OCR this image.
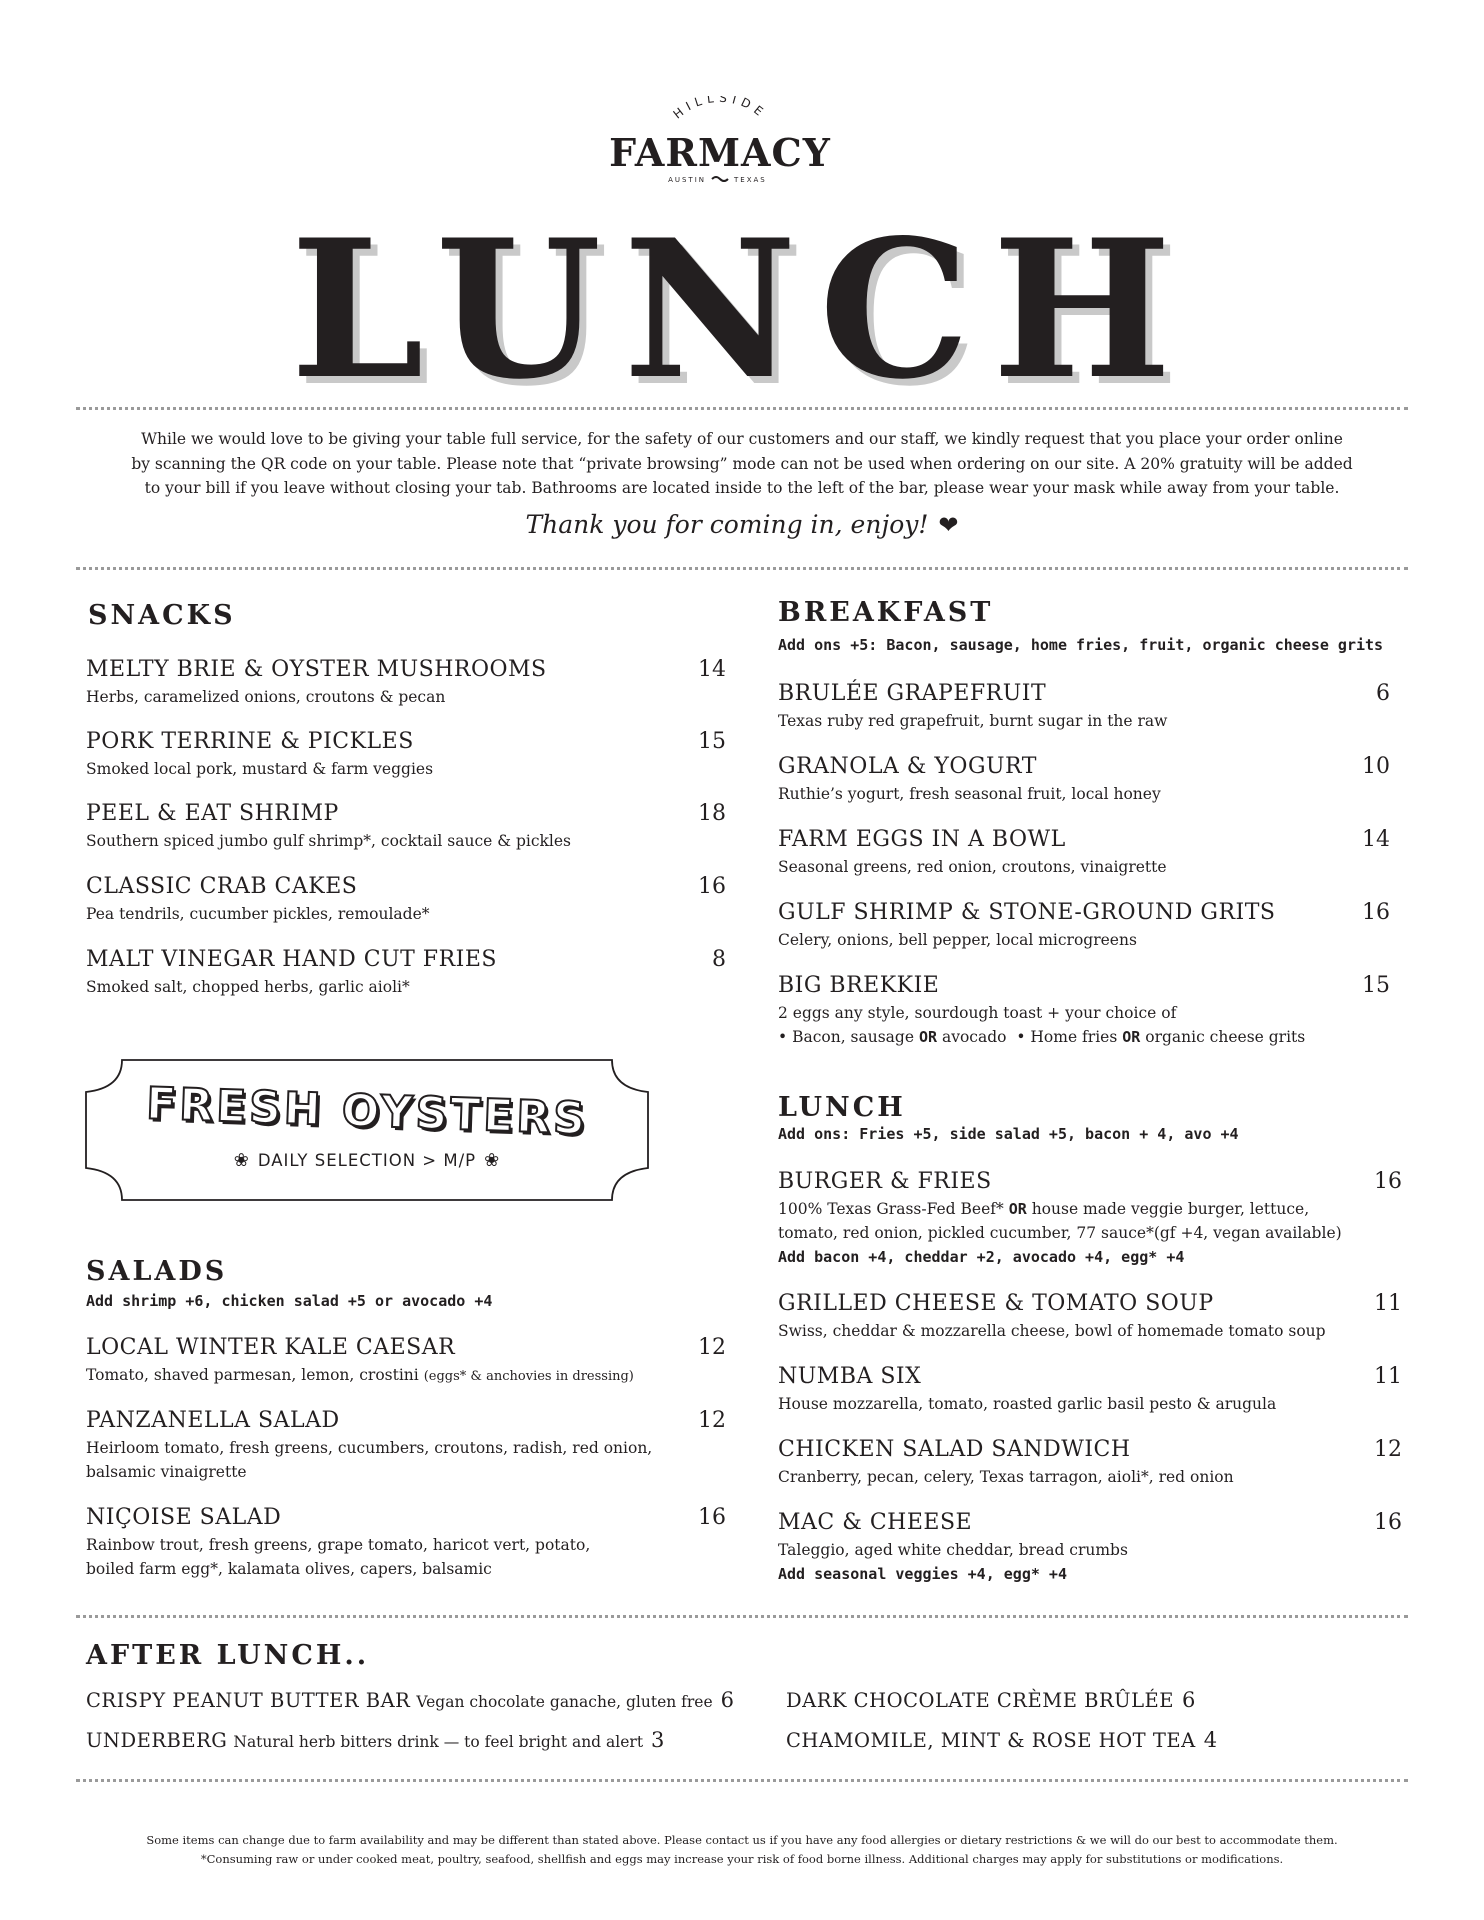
HILLSIDE
FARMACY
AUSTIN	TEXAS
LUNCH
While we would love to be giving your table full service, for the safety of our customers and our staff, we kindly request that you place your order online
by scanning the QR code on your table. Please note that “private browsing” mode can not be used when ordering on our site. A 20% gratuity will be added
to your bill if you leave without closing your tab. Bathrooms are located inside to the left of the bar, please wear your mask while away from your table.
Thank you for coming in, enjoy! ❤
SNACKS
MELTY BRIE & OYSTER MUSHROOMS	14
Herbs, caramelized onions, croutons & pecan
PORK TERRINE & PICKLES	15
Smoked local pork, mustard & farm veggies
PEEL & EAT SHRIMP	18
Southern spiced jumbo gulf shrimp*, cocktail sauce & pickles
CLASSIC CRAB CAKES	16
Pea tendrils, cucumber pickles, remoulade*
MALT VINEGAR HAND CUT FRIES	8
Smoked salt, chopped herbs, garlic aioli*
FRESH OYSTERS
❀ DAILY SELECTION > M/P ❀
SALADS
Add shrimp +6, chicken salad +5 or avocado +4
LOCAL WINTER KALE CAESAR	12
Tomato, shaved parmesan, lemon, crostini (eggs* & anchovies in dressing)
PANZANELLA SALAD	12
Heirloom tomato, fresh greens, cucumbers, croutons, radish, red onion,
balsamic vinaigrette
NIÇOISE SALAD	16
Rainbow trout, fresh greens, grape tomato, haricot vert, potato,
boiled farm egg*, kalamata olives, capers, balsamic
BREAKFAST
Add ons +5: Bacon, sausage, home fries, fruit, organic cheese grits
BRULÉE GRAPEFRUIT	6
Texas ruby red grapefruit, burnt sugar in the raw
GRANOLA & YOGURT	10
Ruthie’s yogurt, fresh seasonal fruit, local honey
FARM EGGS IN A BOWL	14
Seasonal greens, red onion, croutons, vinaigrette
GULF SHRIMP & STONE-GROUND GRITS	16
Celery, onions, bell pepper, local microgreens
BIG BREKKIE	15
2 eggs any style, sourdough toast + your choice of
• Bacon, sausage OR avocado • Home fries OR organic cheese grits
LUNCH
Add ons: Fries +5, side salad +5, bacon + 4, avo +4
BURGER & FRIES	16
100% Texas Grass-Fed Beef* OR house made veggie burger, lettuce,
tomato, red onion, pickled cucumber, 77 sauce*(gf +4, vegan available)
Add bacon +4, cheddar +2, avocado +4, egg* +4
GRILLED CHEESE & TOMATO SOUP	11
Swiss, cheddar & mozzarella cheese, bowl of homemade tomato soup
NUMBA SIX	11
House mozzarella, tomato, roasted garlic basil pesto & arugula
CHICKEN SALAD SANDWICH	12
Cranberry, pecan, celery, Texas tarragon, aioli*, red onion
MAC & CHEESE	16
Taleggio, aged white cheddar, bread crumbs
Add seasonal veggies +4, egg* +4
AFTER LUNCH..
CRISPY PEANUT BUTTER BAR Vegan chocolate ganache, gluten free 6	DARK CHOCOLATE CRÈME BRÛLÉE 6
UNDERBERG Natural herb bitters drink — to feel bright and alert 3	CHAMOMILE, MINT & ROSE HOT TEA 4
Some items can change due to farm availability and may be different than stated above. Please contact us if you have any food allergies or dietary restrictions & we will do our best to accommodate them.
*Consuming raw or under cooked meat, poultry, seafood, shellfish and eggs may increase your risk of food borne illness. Additional charges may apply for substitutions or modifications.
